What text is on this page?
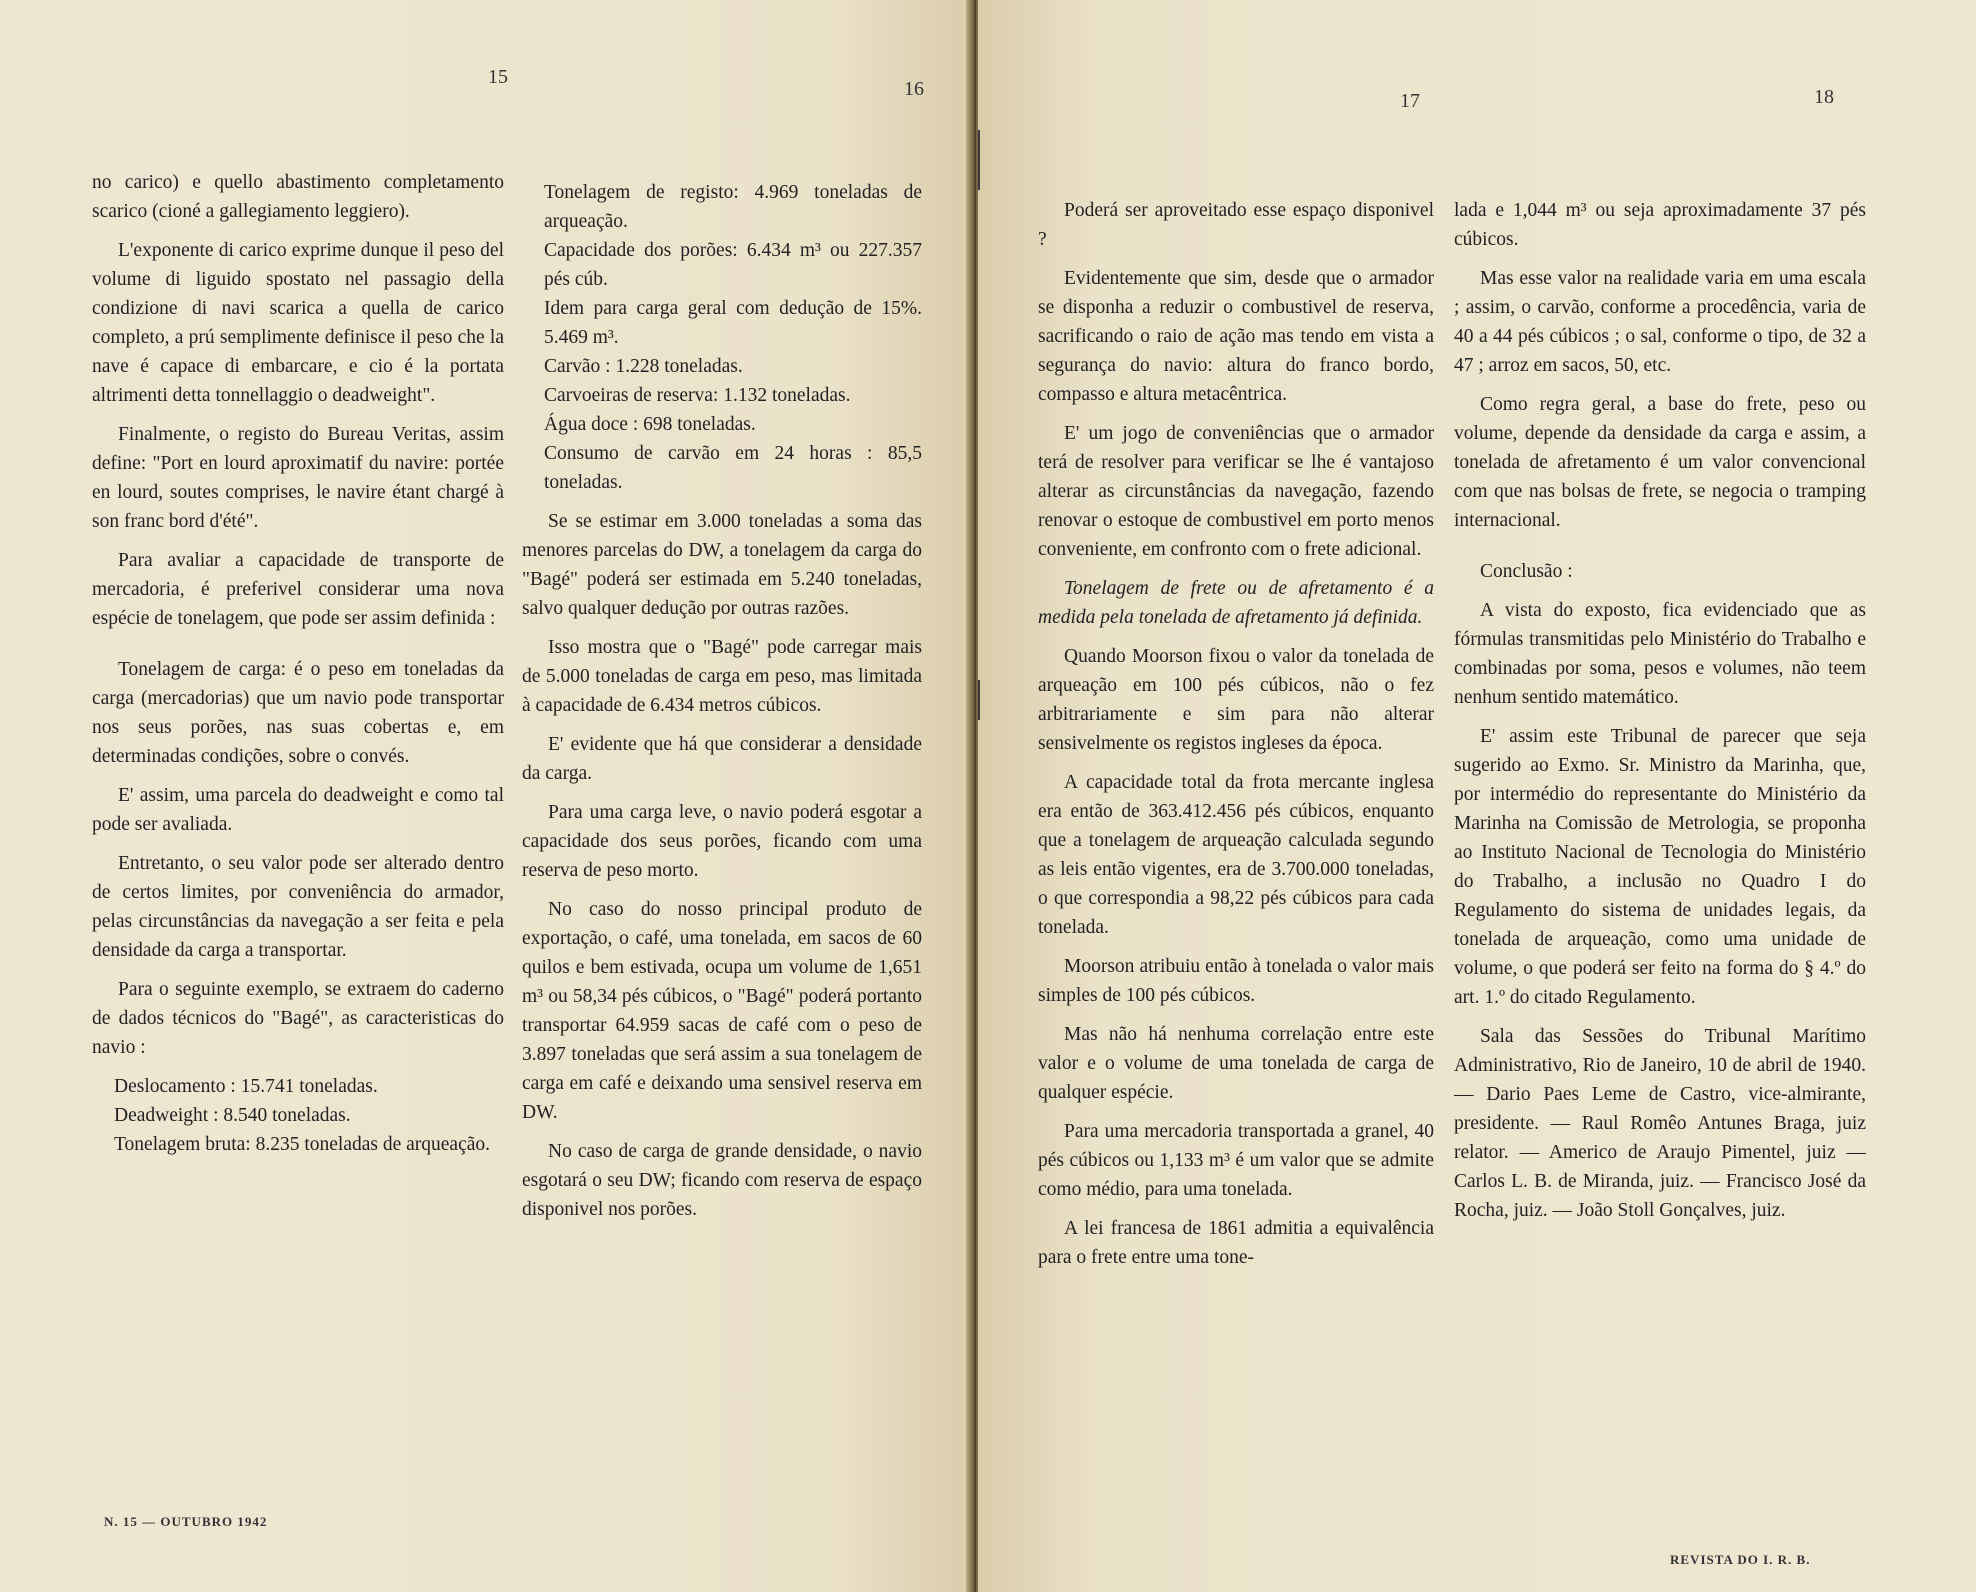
15
16

no carico) e quello abastimento completamento scarico (cioné a gallegiamento leggiero).

L'exponente di carico exprime dunque il peso del volume di liguido spostato nel passagio della condizione di navi scarica a quella de carico completo, a prú semplimente definisce il peso che la nave é capace di embarcare, e cio é la portata altrimenti detta tonnellaggio o deadweight".

Finalmente, o registo do Bureau Veritas, assim define: "Port en lourd aproximatif du navire: portée en lourd, soutes comprises, le navire étant chargé à son franc bord d'été".

Para avaliar a capacidade de transporte de mercadoria, é preferivel considerar uma nova espécie de tonelagem, que pode ser assim definida :

Tonelagem de carga: é o peso em toneladas da carga (mercadorias) que um navio pode transportar nos seus porões, nas suas cobertas e, em determinadas condições, sobre o convés.

E' assim, uma parcela do deadweight e como tal pode ser avaliada.

Entretanto, o seu valor pode ser alterado dentro de certos limites, por conveniência do armador, pelas circunstâncias da navegação a ser feita e pela densidade da carga a transportar.

Para o seguinte exemplo, se extraem do caderno de dados técnicos do "Bagé", as caracteristicas do navio :

Deslocamento : 15.741 toneladas.

Deadweight : 8.540 toneladas.

Tonelagem bruta: 8.235 toneladas de arqueação.

Tonelagem de registo: 4.969 toneladas de arqueação.

Capacidade dos porões: 6.434 m³ ou 227.357 pés cúb.

Idem para carga geral com dedução de 15%. 5.469 m³.

Carvão : 1.228 toneladas.

Carvoeiras de reserva: 1.132 toneladas.

Água doce : 698 toneladas.

Consumo de carvão em 24 horas : 85,5 toneladas.

Se se estimar em 3.000 toneladas a soma das menores parcelas do DW, a tonelagem da carga do "Bagé" poderá ser estimada em 5.240 toneladas, salvo qualquer dedução por outras razões.

Isso mostra que o "Bagé" pode carregar mais de 5.000 toneladas de carga em peso, mas limitada à capacidade de 6.434 metros cúbicos.

E' evidente que há que considerar a densidade da carga.

Para uma carga leve, o navio poderá esgotar a capacidade dos seus porões, ficando com uma reserva de peso morto.

No caso do nosso principal produto de exportação, o café, uma tonelada, em sacos de 60 quilos e bem estivada, ocupa um volume de 1,651 m³ ou 58,34 pés cúbicos, o "Bagé" poderá portanto transportar 64.959 sacas de café com o peso de 3.897 toneladas que será assim a sua tonelagem de carga em café e deixando uma sensivel reserva em DW.

No caso de carga de grande densidade, o navio esgotará o seu DW; ficando com reserva de espaço disponivel nos porões.

N. 15 — OUTUBRO 1942
17	18

Poderá ser aproveitado esse espaço disponivel ?

Evidentemente que sim, desde que o armador se disponha a reduzir o combustivel de reserva, sacrificando o raio de ação mas tendo em vista a segurança do navio: altura do franco bordo, compasso e altura metacêntrica.

E' um jogo de conveniências que o armador terá de resolver para verificar se lhe é vantajoso alterar as circunstâncias da navegação, fazendo renovar o estoque de combustivel em porto menos conveniente, em confronto com o frete adicional.

Tonelagem de frete ou de afretamento é a medida pela tonelada de afretamento já definida.

Quando Moorson fixou o valor da tonelada de arqueação em 100 pés cúbicos, não o fez arbitrariamente e sim para não alterar sensivelmente os registos ingleses da época.

A capacidade total da frota mercante inglesa era então de 363.412.456 pés cúbicos, enquanto que a tonelagem de arqueação calculada segundo as leis então vigentes, era de 3.700.000 toneladas, o que correspondia a 98,22 pés cúbicos para cada tonelada.

Moorson atribuiu então à tonelada o valor mais simples de 100 pés cúbicos.

Mas não há nenhuma correlação entre este valor e o volume de uma tonelada de carga de qualquer espécie.

Para uma mercadoria transportada a granel, 40 pés cúbicos ou 1,133 m³ é um valor que se admite como médio, para uma tonelada.

A lei francesa de 1861 admitia a equivalência para o frete entre uma tone-

lada e 1,044 m³ ou seja aproximadamente 37 pés cúbicos.

Mas esse valor na realidade varia em uma escala ; assim, o carvão, conforme a procedência, varia de 40 a 44 pés cúbicos ; o sal, conforme o tipo, de 32 a 47 ; arroz em sacos, 50, etc.

Como regra geral, a base do frete, peso ou volume, depende da densidade da carga e assim, a tonelada de afretamento é um valor convencional com que nas bolsas de frete, se negocia o tramping internacional.

Conclusão :

A vista do exposto, fica evidenciado que as fórmulas transmitidas pelo Ministério do Trabalho e combinadas por soma, pesos e volumes, não teem nenhum sentido matemático.

E' assim este Tribunal de parecer que seja sugerido ao Exmo. Sr. Ministro da Marinha, que, por intermédio do representante do Ministério da Marinha na Comissão de Metrologia, se proponha ao Instituto Nacional de Tecnologia do Ministério do Trabalho, a inclusão no Quadro I do Regulamento do sistema de unidades legais, da tonelada de arqueação, como uma unidade de volume, o que poderá ser feito na forma do § 4.º do art. 1.º do citado Regulamento.

Sala das Sessões do Tribunal Marítimo Administrativo, Rio de Janeiro, 10 de abril de 1940. — Dario Paes Leme de Castro, vice-almirante, presidente. — Raul Romêo Antunes Braga, juiz relator. — Americo de Araujo Pimentel, juiz — Carlos L. B. de Miranda, juiz. — Francisco José da Rocha, juiz. — João Stoll Gonçalves, juiz.

REVISTA DO I. R. B.
